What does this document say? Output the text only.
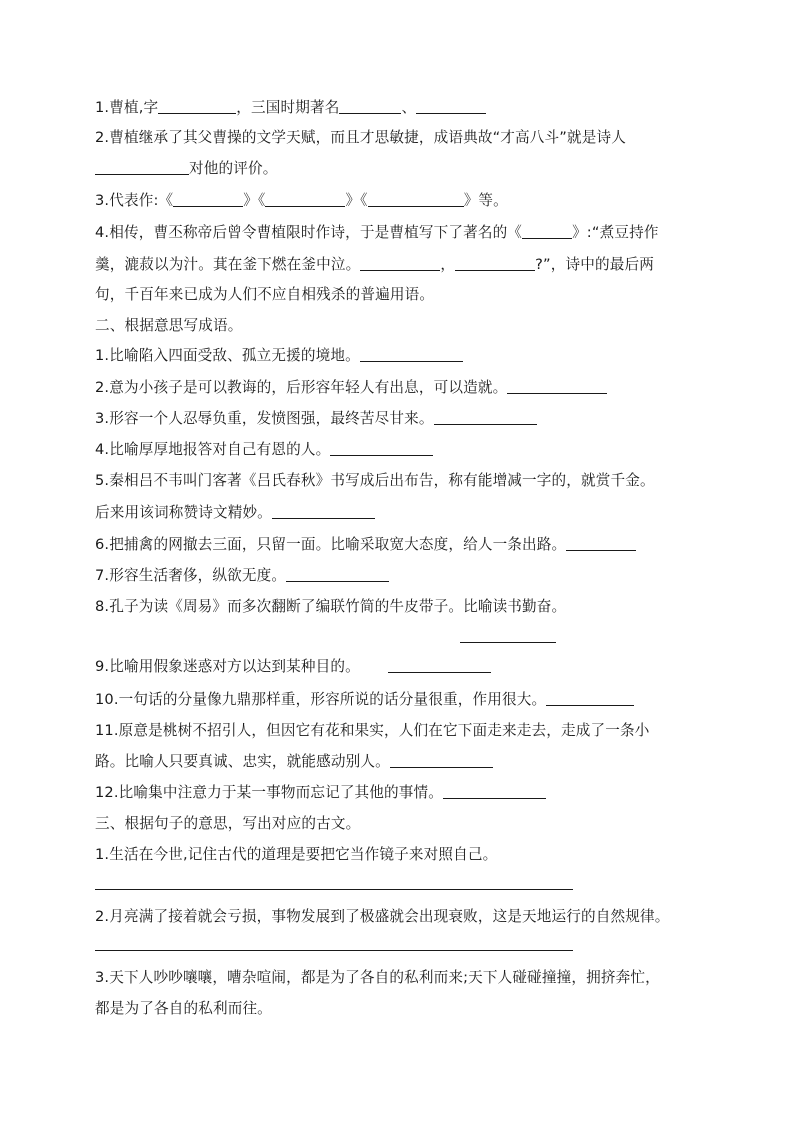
1.曹植,字	，三国时期著名	、

2.曹植继承了其父曹操的文学天赋，而且才思敏捷，成语典故“才高八斗”就是诗人

对他的评价。

3.代表作:《	》《	》《	》等。

4.相传，曹丕称帝后曾令曹植限时作诗，于是曹植写下了著名的《	》:“煮豆持作

羹，漉菽以为汁。萁在釜下燃在釜中泣。	，	?”，诗中的最后两

句，千百年来已成为人们不应自相残杀的普遍用语。

二、根据意思写成语。

1.比喻陷入四面受敌、孤立无援的境地。

2.意为小孩子是可以教诲的，后形容年轻人有出息，可以造就。

3.形容一个人忍辱负重，发愤图强，最终苦尽甘来。

4.比喻厚厚地报答对自己有恩的人。

5.秦相吕不韦叫门客著《吕氏春秋》书写成后出布告，称有能增减一字的，就赏千金。

后来用该词称赞诗文精妙。

6.把捕禽的网撤去三面，只留一面。比喻采取宽大态度，给人一条出路。

7.形容生活奢侈，纵欲无度。

8.孔子为读《周易》而多次翻断了编联竹简的牛皮带子。比喻读书勤奋。

9.比喻用假象迷惑对方以达到某种目的。

10.一句话的分量像九鼎那样重，形容所说的话分量很重，作用很大。

11.原意是桃树不招引人，但因它有花和果实，人们在它下面走来走去，走成了一条小

路。比喻人只要真诚、忠实，就能感动别人。

12.比喻集中注意力于某一事物而忘记了其他的事情。

三、根据句子的意思，写出对应的古文。

1.生活在今世,记住古代的道理是要把它当作镜子来对照自己。

2.月亮满了接着就会亏损，事物发展到了极盛就会出现衰败，这是天地运行的自然规律。

3.天下人吵吵嚷嚷，嘈杂喧闹，都是为了各自的私利而来;天下人碰碰撞撞，拥挤奔忙，

都是为了各自的私利而往。
